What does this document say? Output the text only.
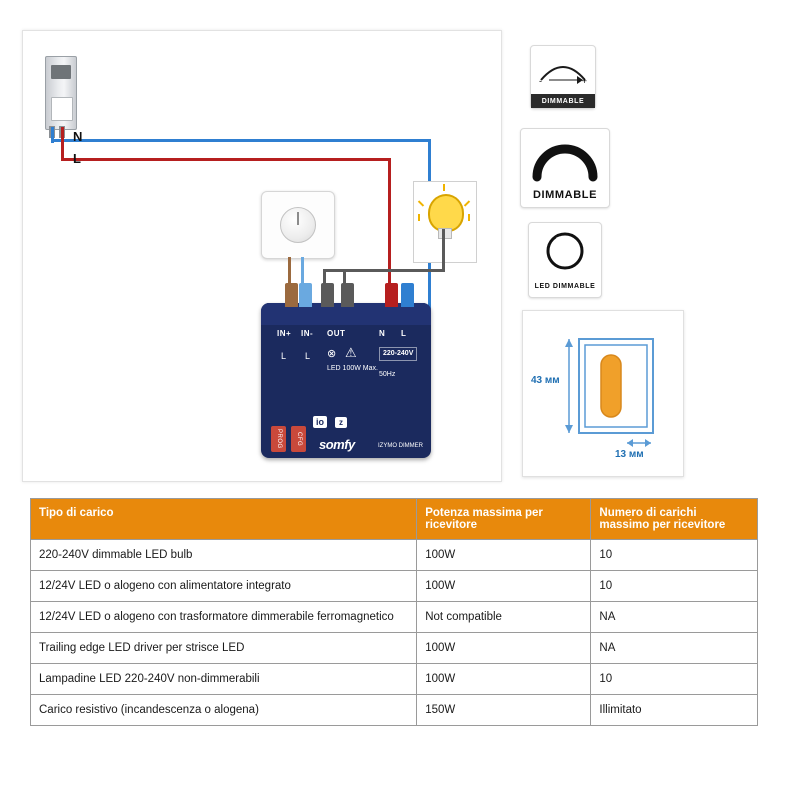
N
L
IN+ IN- OUT	N L
L L ⊗ ⚠
LED 100W Max.
220-240V
50Hz
io	z
PROG	CFG	somfy	IZYMO DIMMER
-	+
DIMMABLE
DIMMABLE
LED DIMMABLE
43 мм
13 мм
Tipo di carico	Potenza massima per ricevitore	Numero di carichi massimo per ricevitore
220-240V dimmable LED bulb	100W	10
12/24V LED o alogeno con alimentatore integrato	100W	10
12/24V LED o alogeno con trasformatore dimmerabile ferromagnetico	Not compatible	NA
Trailing edge LED driver per strisce LED	100W	NA
Lampadine LED 220-240V non-dimmerabili	100W	10
Carico resistivo (incandescenza o alogena)	150W	Illimitato
